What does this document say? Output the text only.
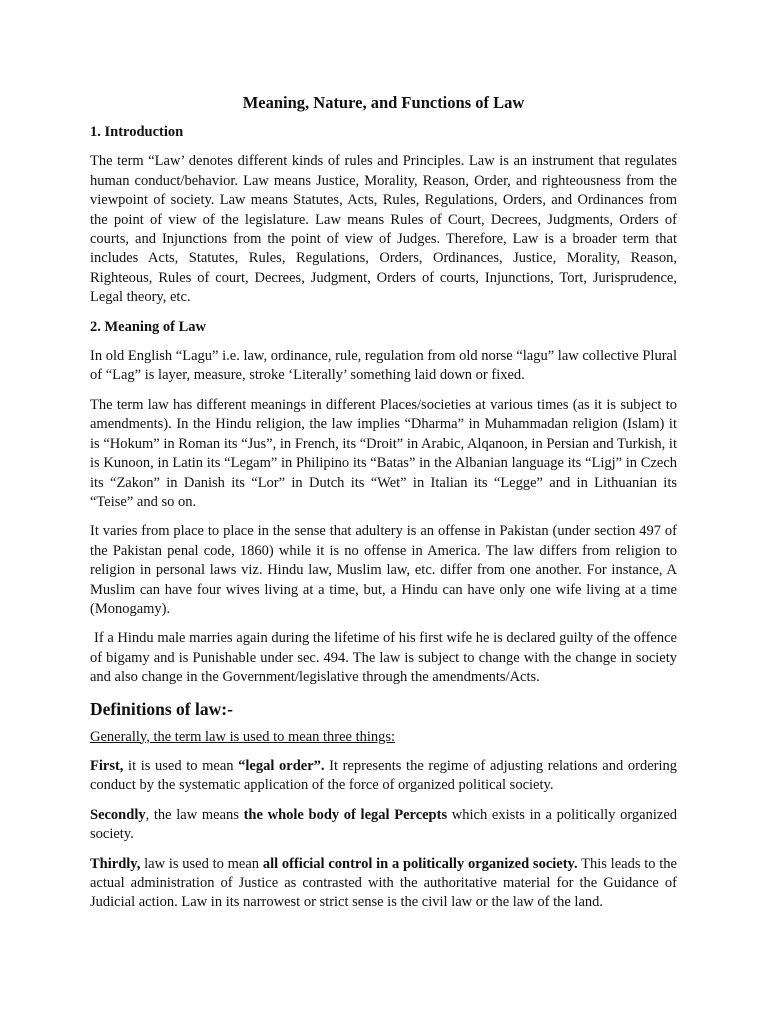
Meaning, Nature, and Functions of Law
1. Introduction

The term “Law’ denotes different kinds of rules and Principles. Law is an instrument that regulates human conduct/behavior. Law means Justice, Morality, Reason, Order, and righteousness from the viewpoint of society. Law means Statutes, Acts, Rules, Regulations, Orders, and Ordinances from the point of view of the legislature. Law means Rules of Court, Decrees, Judgments, Orders of courts, and Injunctions from the point of view of Judges. Therefore, Law is a broader term that includes Acts, Statutes, Rules, Regulations, Orders, Ordinances, Justice, Morality, Reason, Righteous, Rules of court, Decrees, Judgment, Orders of courts, Injunctions, Tort, Jurisprudence, Legal theory, etc.

2. Meaning of Law

In old English “Lagu” i.e. law, ordinance, rule, regulation from old norse “lagu” law collective Plural of “Lag” is layer, measure, stroke ‘Literally’ something laid down or fixed.

The term law has different meanings in different Places/societies at various times (as it is subject to amendments). In the Hindu religion, the law implies “Dharma” in Muhammadan religion (Islam) it is “Hokum” in Roman its “Jus”, in French, its “Droit” in Arabic, Alqanoon, in Persian and Turkish, it is Kunoon, in Latin its “Legam” in Philipino its “Batas” in the Albanian language its “Ligj” in Czech its “Zakon” in Danish its “Lor” in Dutch its “Wet” in Italian its “Legge” and in Lithuanian its “Teise” and so on.

It varies from place to place in the sense that adultery is an offense in Pakistan (under section 497 of the Pakistan penal code, 1860) while it is no offense in America. The law differs from religion to religion in personal laws viz. Hindu law, Muslim law, etc. differ from one another. For instance, A Muslim can have four wives living at a time, but, a Hindu can have only one wife living at a time (Monogamy).

If a Hindu male marries again during the lifetime of his first wife he is declared guilty of the offence of bigamy and is Punishable under sec. 494. The law is subject to change with the change in society and also change in the Government/legislative through the amendments/Acts.

Definitions of law:-

Generally, the term law is used to mean three things:

First, it is used to mean “legal order”. It represents the regime of adjusting relations and ordering conduct by the systematic application of the force of organized political society.

Secondly, the law means the whole body of legal Percepts which exists in a politically organized society.

Thirdly, law is used to mean all official control in a politically organized society. This leads to the actual administration of Justice as contrasted with the authoritative material for the Guidance of Judicial action. Law in its narrowest or strict sense is the civil law or the law of the land.
